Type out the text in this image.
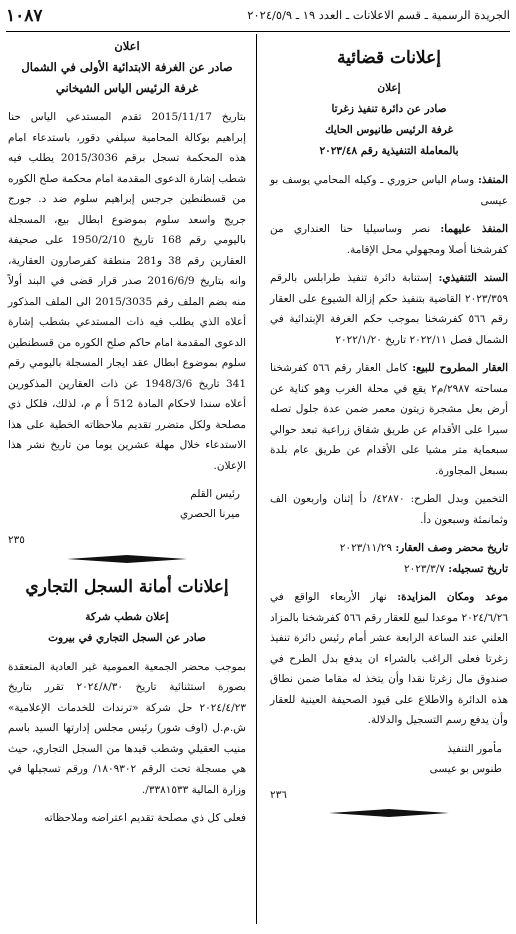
الجريدة الرسمية ـ قسم الاعلانات ـ العدد ١٩ ـ ٢٠٢٤/٥/٩
١٠٨٧
إعلانات قضائية
إعلان
صادر عن دائرة تنفيذ زغرتا
غرفة الرئيس طانيوس الحايك
بالمعاملة التنفيذية رقم ٢٠٢٣/٤٨

المنفذ: وسام الياس حزوري ـ وكيله المحامي يوسف بو عيسى

المنفذ عليهما: نصر وساسيليا حنا العنداري من كفرشخنا أصلا ومجهولي محل الإقامة.

السند التنفيذي: إستنابة دائرة تنفيذ طرابلس بالرقم ٢٠٢٣/٣٥٩ القاضية بتنفيذ حكم إزالة الشيوع على العقار رقم ٥٦٦ كفرشخنا بموجب حكم الغرفة الإبتدائية في الشمال فصل ٢٠٢٢/١١ تاريخ ٢٠٢٢/١/٢٠

العقار المطروح للبيع: كامل العقار رقم ٥٦٦ كفرشخنا مساحته ٢٩٨٧/م٢ يقع في محلة الغرب وهو كناية عن أرض بعل مشجرة زيتون معمر ضمن عدة جلول تصله سيرا على الأقدام عن طريق شقاق زراعية تبعد حوالي سبعماية متر مشيا على الأقدام عن طريق عام بلدة بسبعل المجاورة.

التخمين وبدل الطرح: ٤٢٨٧٠/ دأ إثنان واربعون الف وثمانمئة وسبعون دأ.

تاريخ محضر وصف العقار: ٢٠٢٣/١١/٢٩

تاريخ تسجيله: ٢٠٢٣/٣/٧

موعد ومكان المزايدة: نهار الأربعاء الواقع في ٢٠٢٤/٦/٢٦ موعدا لبيع للعقار رقم ٥٦٦ كفرشخنا بالمزاد العلني عند الساعة الرابعة عشر أمام رئيس دائرة تنفيذ زغرتا فعلى الراغب بالشراء ان يدفع بدل الطرح في صندوق مال زغرتا نقدا وأن يتخذ له مقاما ضمن نطاق هذه الدائرة والاطلاع على قيود الصحيفة العينية للعقار وأن يدفع رسم التسجيل والدلالة.

مأمور التنفيذ
طنوس بو عيسى
٢٣٦
اعلان
صادر عن الغرفة الابتدائية الأولى في الشمال
غرفة الرئيس الياس الشيخاني

بتاريخ 2015/11/17 تقدم المستدعي الياس حنا إبراهيم بوكالة المحامية سيلفي دقور، باستدعاء امام هذه المحكمة تسجل برقم 2015/3036 يطلب فيه شطب إشارة الدعوى المقدمة امام محكمة صلح الكوره من قسطنطين جرجس إبراهيم سلوم ضد د. جورج جريج واسعد سلوم بموضوع ابطال بيع، المسجلة باليومي رقم 168 تاريخ 1950/2/10 على صحيفة العقارين رقم 38 و281 منطقة كفرصارون العقارية، وانه بتاريخ 2016/6/9 صدر قرار قضى في البند أولاً منه بضم الملف رقم 2015/3035 الى الملف المذكور أعلاه الذي يطلب فيه ذات المستدعي بشطب إشارة الدعوى المقدمة امام حاكم صلح الكوره من قسطنطين سلوم بموضوع ابطال عقد ايجار المسجلة باليومي رقم 341 تاريخ 1948/3/6 عن ذات العقارين المذكورين أعلاه سندا لاحكام المادة 512 أ م م، لذلك، فلكل ذي مصلحة ولكل متضرر تقديم ملاحظاته الخطية على هذا الاستدعاء خلال مهلة عشرين يوما من تاريخ نشر هذا الإعلان.

رئيس القلم
ميرنا الحصري
٢٣٥
إعلانات أمانة السجل التجاري
إعلان شطب شركة
صادر عن السجل التجاري في بيروت

بموجب محضر الجمعية العمومية غير العادية المنعقدة بصورة استثنائية تاريخ ٢٠٢٤/٨/٣٠ تقرر بتاريخ ٢٠٢٤/٤/٢٣ حل شركة «ترندات للخدمات الإعلامية» ش.م.ل (اوف شور) رئيس مجلس إدارتها السيد باسم منيب العقيلي وشطب قيدها من السجل التجاري، حيث هي مسجلة تحت الرقم ١٨٠٩٣٠٢/ ورقم تسجيلها في وزارة المالية ٣٣٨١٥٣٣/.

فعلى كل ذي مصلحة تقديم اعتراضه وملاحظاته
